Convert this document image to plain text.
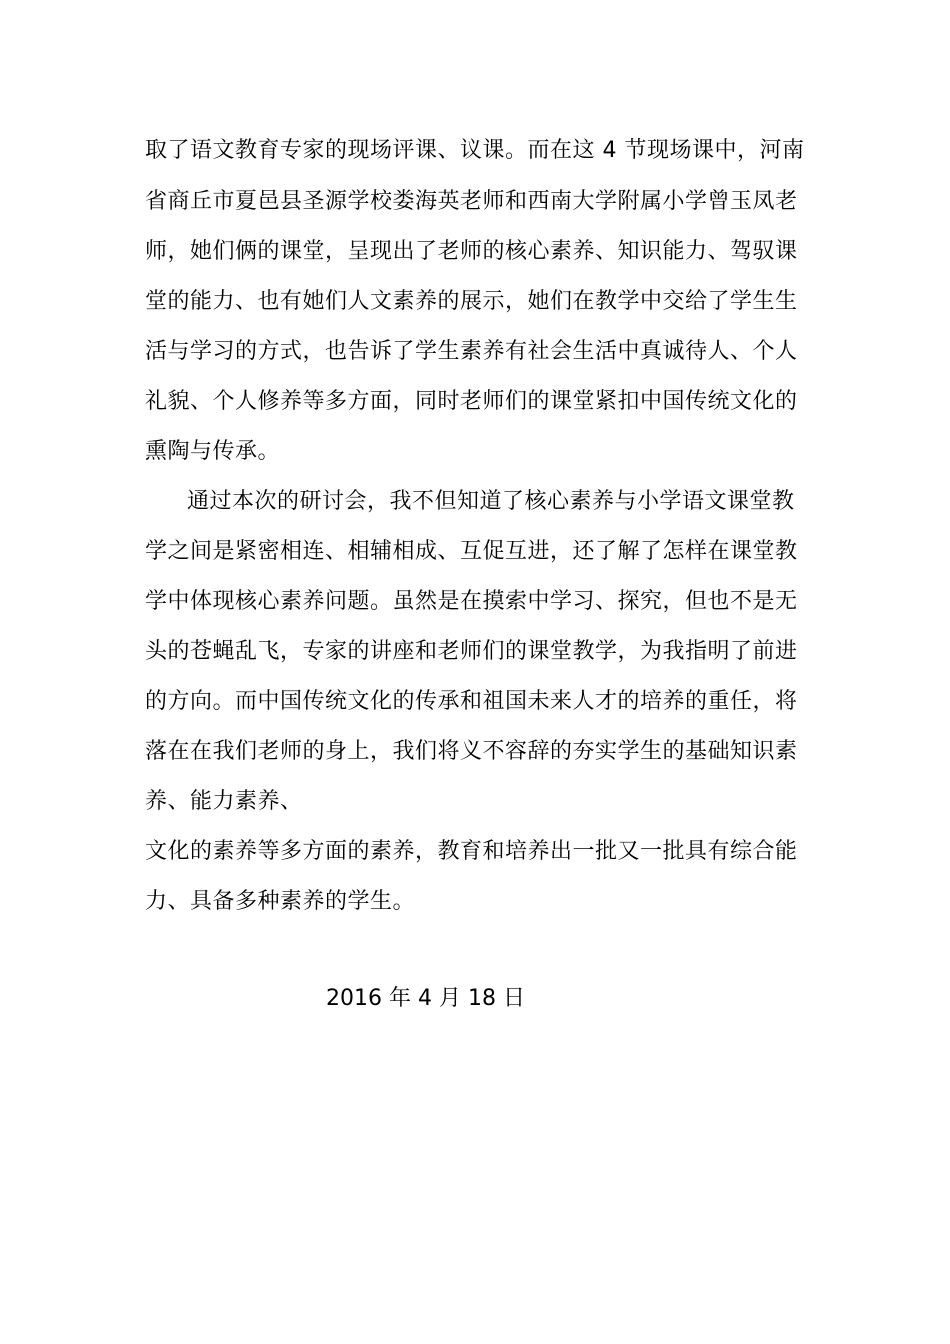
取了语文教育专家的现场评课、议课。而在这 4 节现场课中，河南
省商丘市夏邑县圣源学校娄海英老师和西南大学附属小学曾玉凤老
师，她们俩的课堂，呈现出了老师的核心素养、知识能力、驾驭课
堂的能力、也有她们人文素养的展示，她们在教学中交给了学生生
活与学习的方式，也告诉了学生素养有社会生活中真诚待人、个人
礼貌、个人修养等多方面，同时老师们的课堂紧扣中国传统文化的
熏陶与传承。
通过本次的研讨会，我不但知道了核心素养与小学语文课堂教
学之间是紧密相连、相辅相成、互促互进，还了解了怎样在课堂教
学中体现核心素养问题。虽然是在摸索中学习、探究，但也不是无
头的苍蝇乱飞，专家的讲座和老师们的课堂教学，为我指明了前进
的方向。而中国传统文化的传承和祖国未来人才的培养的重任，将
落在在我们老师的身上，我们将义不容辞的夯实学生的基础知识素
养、能力素养、
文化的素养等多方面的素养，教育和培养出一批又一批具有综合能
力、具备多种素养的学生。
2016 年 4 月 18 日
